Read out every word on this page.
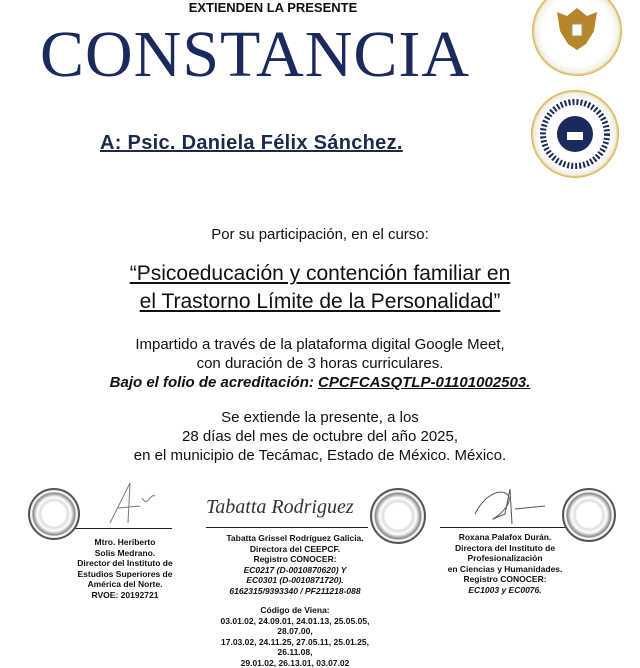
EXTIENDEN LA PRESENTE
CONSTANCIA
A: Psic. Daniela Félix Sánchez.
Por su participación, en el curso:
“Psicoeducación y contención familiar en
el Trastorno Límite de la Personalidad”
Impartido a través de la plataforma digital Google Meet,
con duración de 3 horas curriculares.
Bajo el folio de acreditación: CPCFCASQTLP-01101002503.
Se extiende la presente, a los
28 días del mes de octubre del año 2025,
en el municipio de Tecámac, Estado de México. México.
Mtro. Heriberto
Solis Medrano.
Director del Instituto de
Estudios Superiores de
América del Norte.
RVOE: 20192721
Tabatta Rodriguez
Tabatta Grissel Rodríguez Galicia.
Directora del CEEPCF.
Registro CONOCER:
EC0217 (D-0010870620) Y
EC0301 (D-0010871720).
6162315/9393340 / PF211218-088
Código de Viena:
03.01.02, 24.09.01, 24.01.13, 25.05.05, 28.07.00,
17.03.02, 24.11.25, 27.05.11, 25.01.25, 26.11.08,
29.01.02, 26.13.01, 03.07.02
Roxana Palafox Durán.
Directora del Instituto de
Profesionalización
en Ciencias y Humanidades.
Registro CONOCER:
EC1003 y EC0076.
